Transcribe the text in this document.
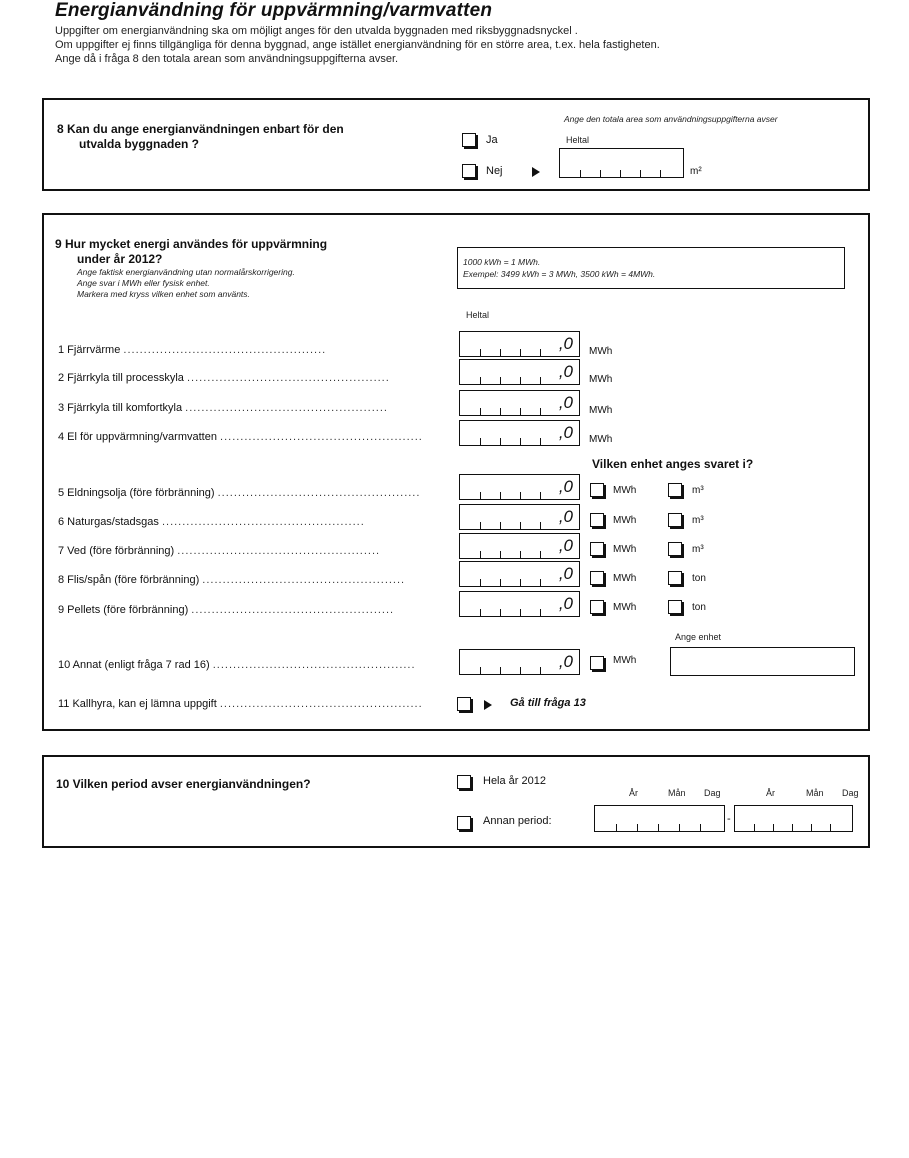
Energianvändning för uppvärmning/varmvatten
Uppgifter om energianvändning ska om möjligt anges för den utvalda byggnaden med riksbyggnadsnyckel .
Om uppgifter ej finns tillgängliga för denna byggnad, ange istället energianvändning för en större area, t.ex. hela fastigheten.
Ange då i fråga 8 den totala arean som användningsuppgifterna avser.
8 Kan du ange energianvändningen enbart för den
utvalda byggnaden ?
Ange den totala area som användningsuppgifterna avser
Heltal
Ja
Nej	m²
9 Hur mycket energi användes för uppvärmning
under år 2012?
Ange faktisk energianvändning utan normalårskorrigering.
Ange svar i MWh eller fysisk enhet.
Markera med kryss vilken enhet som använts.
1000 kWh = 1 MWh.
Exempel: 3499 kWh = 3 MWh, 3500 kWh = 4MWh.
Heltal
1 Fjärrvärme ..................................................	,0 MWh
2 Fjärrkyla till processkyla ..................................................	,0 MWh
3 Fjärrkyla till komfortkyla ..................................................	,0 MWh
4 El för uppvärmning/varmvatten ..................................................	,0 MWh
Vilken enhet anges svaret i?
5 Eldningsolja (före förbränning) ..................................................	,0	MWh	m³
6 Naturgas/stadsgas ..................................................	,0	MWh	m³
7 Ved (före förbränning) ..................................................	,0	MWh	m³
8 Flis/spån (före förbränning) ..................................................	,0	MWh	ton
9 Pellets (före förbränning) ..................................................	,0	MWh	ton
Ange enhet
10 Annat (enligt fråga 7 rad 16) ..................................................	,0	MWh
11 Kallhyra, kan ej lämna uppgift ..................................................	Gå till fråga 13
10 Vilken period avser energianvändningen?	Hela år 2012
Annan period:
År	Mån Dag
-
År	Mån Dag
